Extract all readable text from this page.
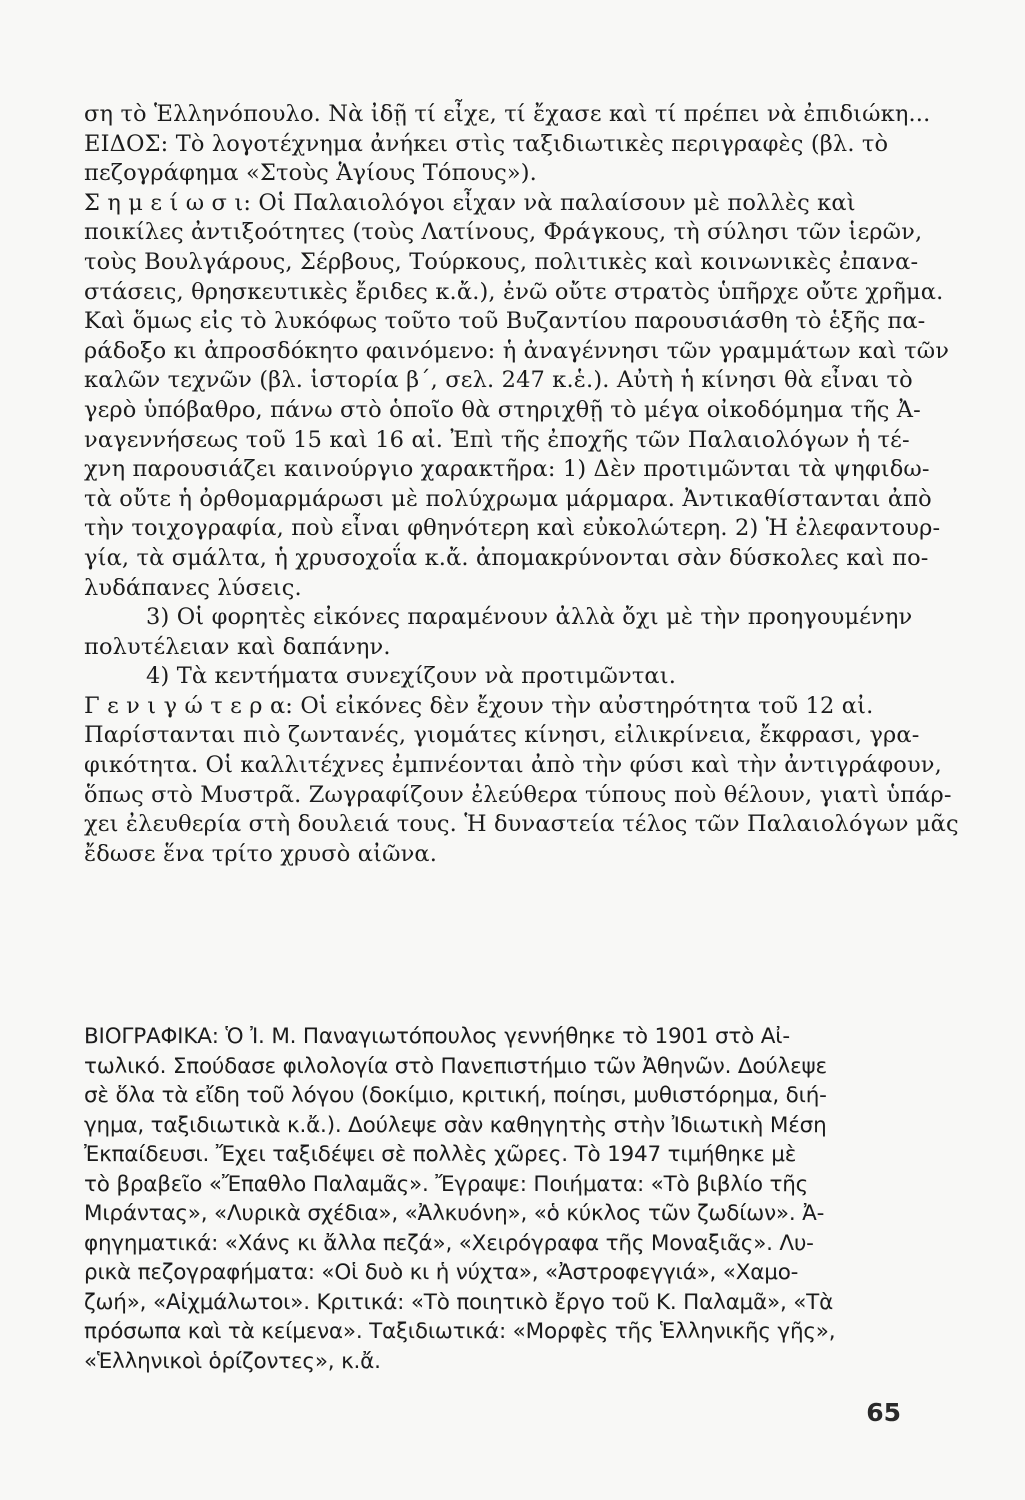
ση τὸ Ἑλληνόπουλο. Νὰ ἰδῇ τί εἶχε, τί ἔχασε καὶ τί πρέπει νὰ ἐπιδιώκη...
ΕΙΔΟΣ: Τὸ λογοτέχνημα ἀνήκει στὶς ταξιδιωτικὲς περιγραφὲς (βλ. τὸ
πεζογράφημα «Στοὺς Ἁγίους Τόπους»).
Σ η μ ε ί ω σ ι: Οἱ Παλαιολόγοι εἶχαν νὰ παλαίσουν μὲ πολλὲς καὶ
ποικίλες ἀντιξοότητες (τοὺς Λατίνους, Φράγκους, τὴ σύλησι τῶν ἱερῶν,
τοὺς Βουλγάρους, Σέρβους, Τούρκους, πολιτικὲς καὶ κοινωνικὲς ἐπανα-
στάσεις, θρησκευτικὲς ἔριδες κ.ἄ.), ἐνῶ οὔτε στρατὸς ὑπῆρχε οὔτε χρῆμα.
Καὶ ὅμως εἰς τὸ λυκόφως τοῦτο τοῦ Βυζαντίου παρουσιάσθη τὸ ἑξῆς πα-
ράδοξο κι ἀπροσδόκητο φαινόμενο: ἡ ἀναγέννησι τῶν γραμμάτων καὶ τῶν
καλῶν τεχνῶν (βλ. ἱστορία β΄, σελ. 247 κ.ἑ.). Αὐτὴ ἡ κίνησι θὰ εἶναι τὸ
γερὸ ὑπόβαθρο, πάνω στὸ ὁποῖο θὰ στηριχθῇ τὸ μέγα οἰκοδόμημα τῆς Ἀ-
ναγεννήσεως τοῦ 15 καὶ 16 αἰ. Ἐπὶ τῆς ἐποχῆς τῶν Παλαιολόγων ἡ τέ-
χνη παρουσιάζει καινούργιο χαρακτῆρα: 1) Δὲν προτιμῶνται τὰ ψηφιδω-
τὰ οὔτε ἡ ὀρθομαρμάρωσι μὲ πολύχρωμα μάρμαρα. Ἀντικαθίστανται ἀπὸ
τὴν τοιχογραφία, ποὺ εἶναι φθηνότερη καὶ εὐκολώτερη. 2) Ἡ ἐλεφαντουρ-
γία, τὰ σμάλτα, ἡ χρυσοχοΐα κ.ἄ. ἀπομακρύνονται σὰν δύσκολες καὶ πο-
λυδάπανες λύσεις.
3) Οἱ φορητὲς εἰκόνες παραμένουν ἀλλὰ ὄχι μὲ τὴν προηγουμένην
πολυτέλειαν καὶ δαπάνην.
4) Τὰ κεντήματα συνεχίζουν νὰ προτιμῶνται.
Γ ε ν ι γ ώ τ ε ρ α: Οἱ εἰκόνες δὲν ἔχουν τὴν αὐστηρότητα τοῦ 12 αἰ.
Παρίστανται πιὸ ζωντανές, γιομάτες κίνησι, εἰλικρίνεια, ἔκφρασι, γρα-
φικότητα. Οἱ καλλιτέχνες ἐμπνέονται ἀπὸ τὴν φύσι καὶ τὴν ἀντιγράφουν,
ὅπως στὸ Μυστρᾶ. Ζωγραφίζουν ἐλεύθερα τύπους ποὺ θέλουν, γιατὶ ὑπάρ-
χει ἐλευθερία στὴ δουλειά τους. Ἡ δυναστεία τέλος τῶν Παλαιολόγων μᾶς
ἔδωσε ἕνα τρίτο χρυσὸ αἰῶνα.
ΒΙΟΓΡΑΦΙΚΑ: Ὁ Ἰ. Μ. Παναγιωτόπουλος γεννήθηκε τὸ 1901 στὸ Αἰ-
τωλικό. Σπούδασε φιλολογία στὸ Πανεπιστήμιο τῶν Ἀθηνῶν. Δούλεψε
σὲ ὅλα τὰ εἴδη τοῦ λόγου (δοκίμιο, κριτική, ποίησι, μυθιστόρημα, διή-
γημα, ταξιδιωτικὰ κ.ἄ.). Δούλεψε σὰν καθηγητὴς στὴν Ἰδιωτικὴ Μέση
Ἐκπαίδευσι. Ἔχει ταξιδέψει σὲ πολλὲς χῶρες. Τὸ 1947 τιμήθηκε μὲ
τὸ βραβεῖο «Ἔπαθλο Παλαμᾶς». Ἔγραψε: Ποιήματα: «Τὸ βιβλίο τῆς
Μιράντας», «Λυρικὰ σχέδια», «Ἀλκυόνη», «ὁ κύκλος τῶν ζωδίων». Ἀ-
φηγηματικά: «Χάνς κι ἄλλα πεζά», «Χειρόγραφα τῆς Μοναξιᾶς». Λυ-
ρικὰ πεζογραφήματα: «Οἱ δυὸ κι ἡ νύχτα», «Ἀστροφεγγιά», «Χαμο-
ζωή», «Αἰχμάλωτοι». Κριτικά: «Τὸ ποιητικὸ ἔργο τοῦ Κ. Παλαμᾶ», «Τὰ
πρόσωπα καὶ τὰ κείμενα». Ταξιδιωτικά: «Μορφὲς τῆς Ἑλληνικῆς γῆς»,
«Ἑλληνικοὶ ὁρίζοντες», κ.ἄ.
65
